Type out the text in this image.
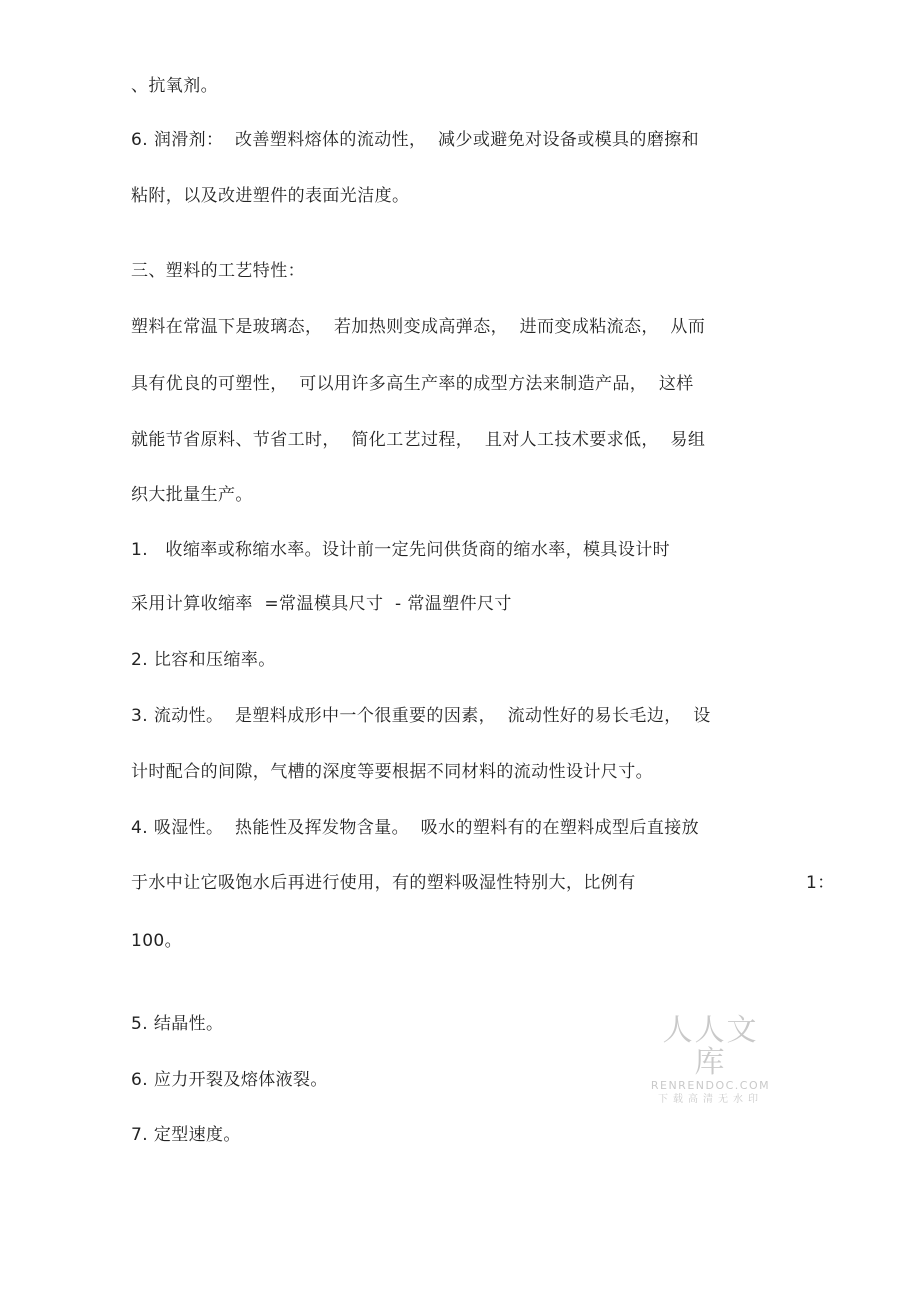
、抗氧剂。
6. 润滑剂：  改善塑料熔体的流动性，  减少或避免对设备或模具的磨擦和
粘附，以及改进塑件的表面光洁度。
三、塑料的工艺特性：
塑料在常温下是玻璃态，  若加热则变成高弹态，  进而变成粘流态，  从而
具有优良的可塑性，  可以用许多高生产率的成型方法来制造产品，  这样
就能节省原料、节省工时，  简化工艺过程，  且对人工技术要求低，  易组
织大批量生产。
1.   收缩率或称缩水率。设计前一定先问供货商的缩水率，模具设计时
采用计算收缩率  =常温模具尺寸  - 常温塑件尺寸
2. 比容和压缩率。
3. 流动性。  是塑料成形中一个很重要的因素，  流动性好的易长毛边，  设
计时配合的间隙，气槽的深度等要根据不同材料的流动性设计尺寸。
4. 吸湿性。  热能性及挥发物含量。  吸水的塑料有的在塑料成型后直接放
于水中让它吸饱水后再进行使用，有的塑料吸湿性特别大，比例有	1：
100。
5. 结晶性。
6. 应力开裂及熔体液裂。
7. 定型速度。
人人文库
RENRENDOC.COM
下载高清无水印
